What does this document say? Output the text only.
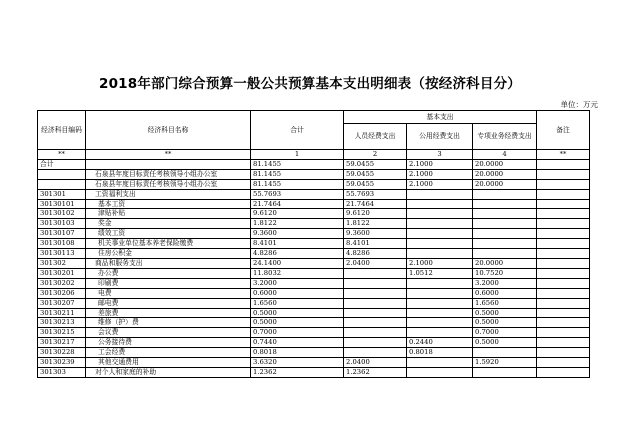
2018年部门综合预算一般公共预算基本支出明细表（按经济科目分）
单位：万元
经济科目编码	经济科目名称	合计	基本支出			备注
			人员经费支出	公用经费支出	专项业务经费支出	
**	**	1	2	3	4	**
合计		81.1455	59.0455	2.1000	20.0000	
	石泉县年度目标责任考核领导小组办公室	81.1455	59.0455	2.1000	20.0000	
	石泉县年度目标责任考核领导小组办公室	81.1455	59.0455	2.1000	20.0000	
301301	工资福利支出	55.7693	55.7693			
30130101	基本工资	21.7464	21.7464			
30130102	津贴补贴	9.6120	9.6120			
30130103	奖金	1.8122	1.8122			
30130107	绩效工资	9.3600	9.3600			
30130108	机关事业单位基本养老保险缴费	8.4101	8.4101			
30130113	住房公积金	4.8286	4.8286			
301302	商品和服务支出	24.1400	2.0400	2.1000	20.0000	
30130201	办公费	11.8032		1.0512	10.7520	
30130202	印刷费	3.2000			3.2000	
30130206	电费	0.6000			0.6000	
30130207	邮电费	1.6560			1.6560	
30130211	差旅费	0.5000			0.5000	
30130213	维修（护）费	0.5000			0.5000	
30130215	会议费	0.7000			0.7000	
30130217	公务接待费	0.7440		0.2440	0.5000	
30130228	工会经费	0.8018		0.8018		
30130239	其他交通费用	3.6320	2.0400		1.5920	
301303	对个人和家庭的补助	1.2362	1.2362			
